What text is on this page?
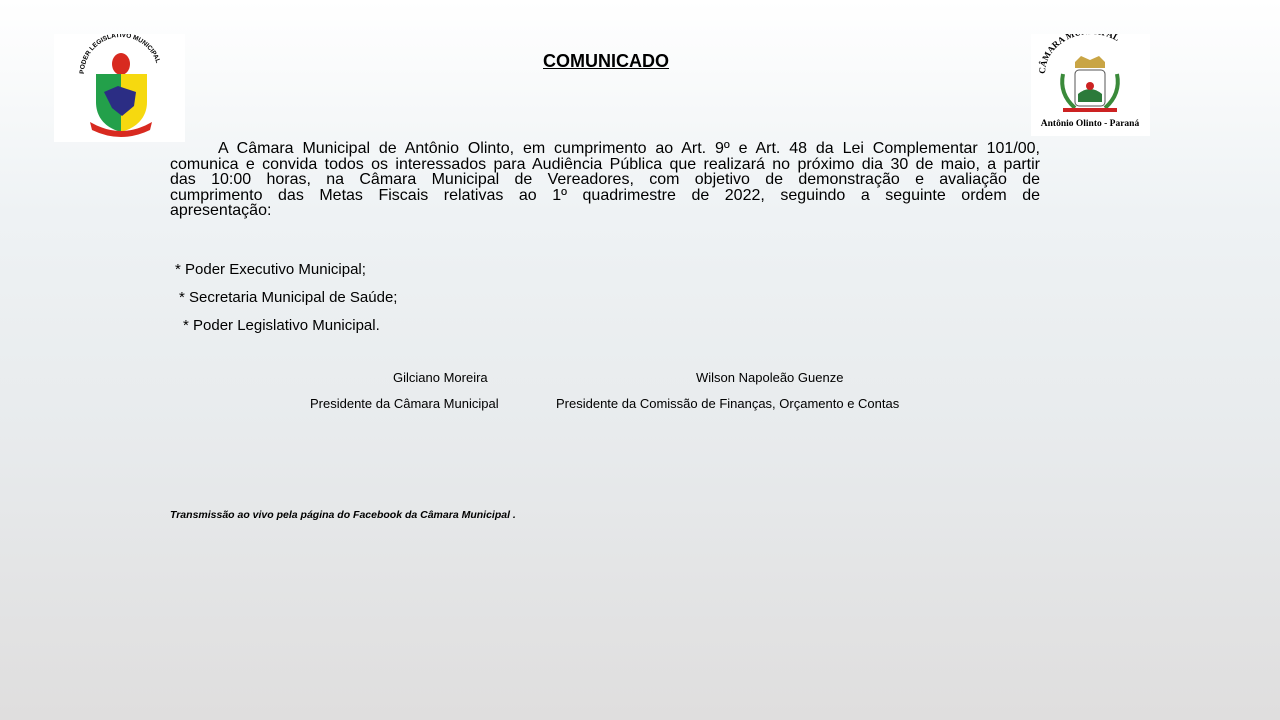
PODER LEGISLATIVO MUNICIPAL
CÂMARA M AL
Antônio Olinto - Paraná
COMUNICADO
A Câmara Municipal de Antônio Olinto, em cumprimento ao Art. 9º e Art. 48 da Lei Complementar 101/00,
comunica e convida todos os interessados para Audiência Pública que realizará no próximo dia 30 de maio, a partir
das 10:00 horas, na Câmara Municipal de Vereadores, com objetivo de demonstração e avaliação de
cumprimento das Metas Fiscais relativas ao 1º quadrimestre de 2022, seguindo a seguinte ordem de
apresentação:
* Poder Executivo Municipal;
* Secretaria Municipal de Saúde;
* Poder Legislativo Municipal.
Gilciano Moreira
Presidente da Câmara Municipal
Wilson Napoleão Guenze
Presidente da Comissão de Finanças, Orçamento e Contas
Transmissão ao vivo pela página do Facebook da Câmara Municipal .
